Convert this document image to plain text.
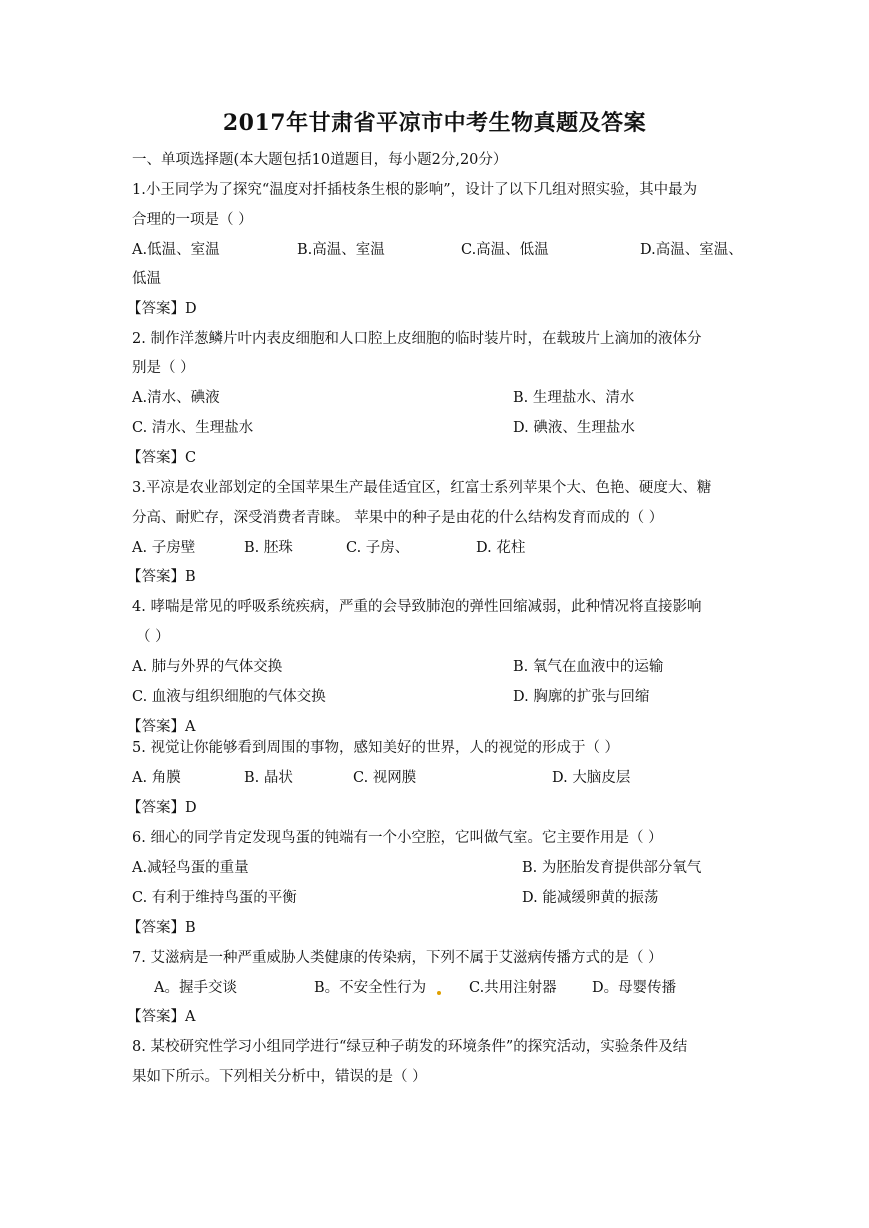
2017年甘肃省平凉市中考生物真题及答案
一、单项选择题(本大题包括10道题目，每小题2分,20分）
1.小王同学为了探究“温度对扦插枝条生根的影响”，设计了以下几组对照实验，其中最为
合理的一项是（ ）
A.低温、室温	B.高温、室温	C.高温、低温	D.高温、室温、
低温
【答案】D
2. 制作洋葱鳞片叶内表皮细胞和人口腔上皮细胞的临时装片时，在载玻片上滴加的液体分
别是（ ）
A.清水、碘液	B. 生理盐水、清水
C. 清水、生理盐水	D. 碘液、生理盐水
【答案】C
3.平凉是农业部划定的全国苹果生产最佳适宜区，红富士系列苹果个大、色艳、硬度大、糖
分高、耐贮存，深受消费者青睐。 苹果中的种子是由花的什么结构发育而成的（ ）
A. 子房壁	B. 胚珠	C. 子房、	D. 花柱
【答案】B
4. 哮喘是常见的呼吸系统疾病，严重的会导致肺泡的弹性回缩减弱，此种情况将直接影响
（ ）
A. 肺与外界的气体交换	B. 氧气在血液中的运输
C. 血液与组织细胞的气体交换	D. 胸廓的扩张与回缩
【答案】A
5. 视觉让你能够看到周围的事物，感知美好的世界，人的视觉的形成于（ ）
A. 角膜	B. 晶状	C. 视网膜	D. 大脑皮层
【答案】D
6. 细心的同学肯定发现鸟蛋的钝端有一个小空腔，它叫做气室。它主要作用是（ ）
A.减轻鸟蛋的重量	B. 为胚胎发育提供部分氧气
C. 有利于维持鸟蛋的平衡	D. 能减缓卵黄的振荡
【答案】B
7. 艾滋病是一种严重威胁人类健康的传染病，下列不属于艾滋病传播方式的是（ ）
A。握手交谈	B。不安全性行为	C.共用注射器 D。母婴传播
【答案】A
8. 某校研究性学习小组同学进行“绿豆种子萌发的环境条件”的探究活动，实验条件及结
果如下所示。下列相关分析中，错误的是（ ）
